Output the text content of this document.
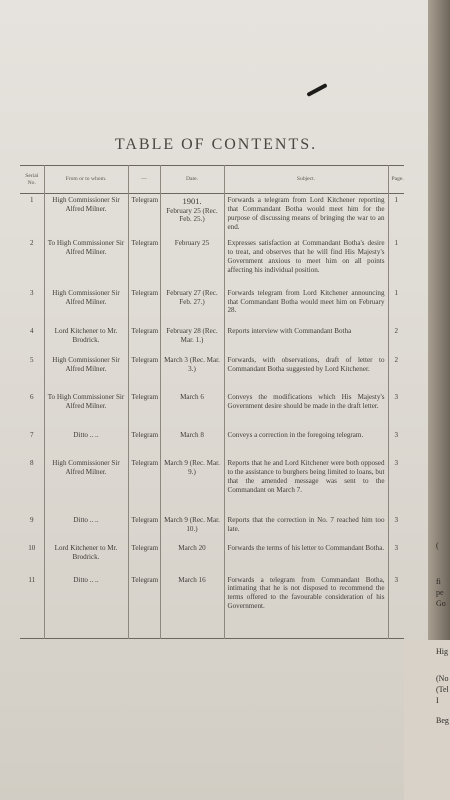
TABLE OF CONTENTS.
Serial No.	From or to whom.	—	Date.	Subject.	Page.
1	High Commissioner Sir Alfred Milner.	Telegram	1901.
February 25 (Rec. Feb. 25.)	Forwards a telegram from Lord Kitchener reporting that Commandant Botha would meet him for the purpose of discussing means of bringing the war to an end.	1
2	To High Commissioner Sir Alfred Milner.	Telegram	February 25	Expresses satisfaction at Commandant Botha's desire to treat, and observes that he will find His Majesty's Government anxious to meet him on all points affecting his individual position.	1
3	High Commissioner Sir Alfred Milner.	Telegram	February 27 (Rec. Feb. 27.)	Forwards telegram from Lord Kitchener announcing that Commandant Botha would meet him on February 28.	1
4	Lord Kitchener to Mr. Brodrick.	Telegram	February 28 (Rec. Mar. 1.)	Reports interview with Commandant Botha	2
5	High Commissioner Sir Alfred Milner.	Telegram	March 3 (Rec. Mar. 3.)	Forwards, with observations, draft of letter to Commandant Botha suggested by Lord Kitchener.	2
6	To High Commissioner Sir Alfred Milner.	Telegram	March 6	Conveys the modifications which His Majesty's Government desire should be made in the draft letter.	3
7	Ditto .. ..	Telegram	March 8	Conveys a correction in the foregoing telegram.	3
8	High Commissioner Sir Alfred Milner.	Telegram	March 9 (Rec. Mar. 9.)	Reports that he and Lord Kitchener were both opposed to the assistance to burghers being limited to loans, but that the amended message was sent to the Commandant on March 7.	3
9	Ditto .. ..	Telegram	March 9 (Rec. Mar. 10.)	Reports that the correction in No. 7 reached him too late.	3
10	Lord Kitchener to Mr. Brodrick.	Telegram	March 20	Forwards the terms of his letter to Commandant Botha.	3
11	Ditto .. ..	Telegram	March 16	Forwards a telegram from Commandant Botha, intimating that he is not disposed to recommend the terms offered to the favourable consideration of his Government.	3
(
fi
pe
Go
Hig
(No
(Tel
I
Beg
